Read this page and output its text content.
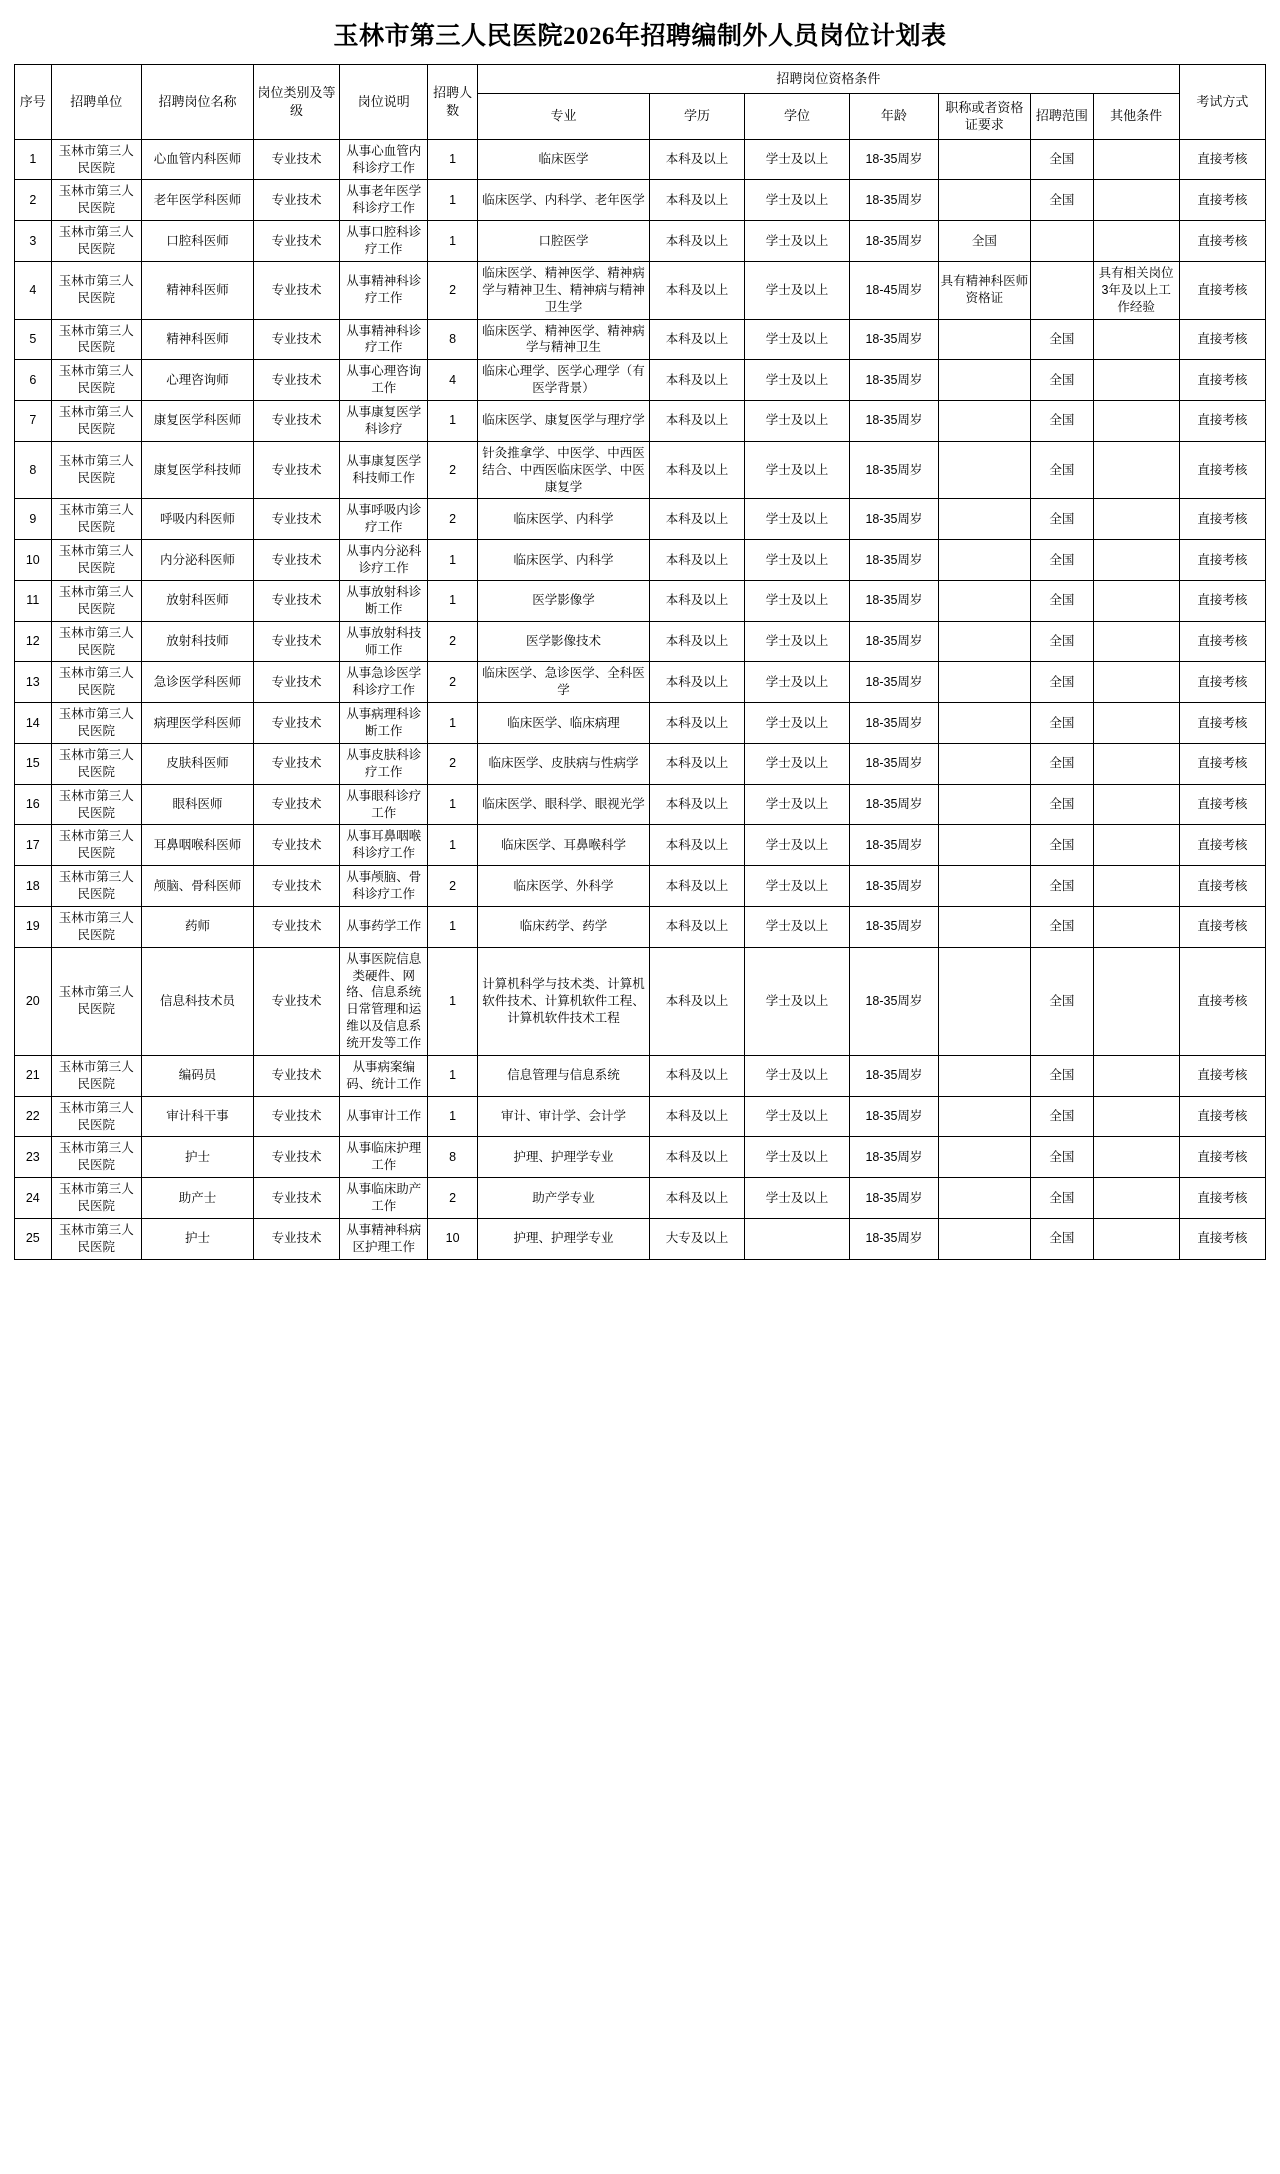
玉林市第三人民医院2026年招聘编制外人员岗位计划表
序号	招聘单位	招聘岗位名称	岗位类别及等级	岗位说明	招聘人数	招聘岗位资格条件							考试方式
						专业	学历	学位	年龄	职称或者资格证要求	招聘范围	其他条件	
1	玉林市第三人民医院	心血管内科医师	专业技术	从事心血管内科诊疗工作	1	临床医学	本科及以上	学士及以上	18-35周岁		全国		直接考核
2	玉林市第三人民医院	老年医学科医师	专业技术	从事老年医学科诊疗工作	1	临床医学、内科学、老年医学	本科及以上	学士及以上	18-35周岁		全国		直接考核
3	玉林市第三人民医院	口腔科医师	专业技术	从事口腔科诊疗工作	1	口腔医学	本科及以上	学士及以上	18-35周岁	全国			直接考核
4	玉林市第三人民医院	精神科医师	专业技术	从事精神科诊疗工作	2	临床医学、精神医学、精神病学与精神卫生、精神病与精神卫生学	本科及以上	学士及以上	18-45周岁	具有精神科医师资格证		具有相关岗位3年及以上工作经验	直接考核
5	玉林市第三人民医院	精神科医师	专业技术	从事精神科诊疗工作	8	临床医学、精神医学、精神病学与精神卫生	本科及以上	学士及以上	18-35周岁		全国		直接考核
6	玉林市第三人民医院	心理咨询师	专业技术	从事心理咨询工作	4	临床心理学、医学心理学（有医学背景）	本科及以上	学士及以上	18-35周岁		全国		直接考核
7	玉林市第三人民医院	康复医学科医师	专业技术	从事康复医学科诊疗	1	临床医学、康复医学与理疗学	本科及以上	学士及以上	18-35周岁		全国		直接考核
8	玉林市第三人民医院	康复医学科技师	专业技术	从事康复医学科技师工作	2	针灸推拿学、中医学、中西医结合、中西医临床医学、中医康复学	本科及以上	学士及以上	18-35周岁		全国		直接考核
9	玉林市第三人民医院	呼吸内科医师	专业技术	从事呼吸内诊疗工作	2	临床医学、内科学	本科及以上	学士及以上	18-35周岁		全国		直接考核
10	玉林市第三人民医院	内分泌科医师	专业技术	从事内分泌科诊疗工作	1	临床医学、内科学	本科及以上	学士及以上	18-35周岁		全国		直接考核
11	玉林市第三人民医院	放射科医师	专业技术	从事放射科诊断工作	1	医学影像学	本科及以上	学士及以上	18-35周岁		全国		直接考核
12	玉林市第三人民医院	放射科技师	专业技术	从事放射科技师工作	2	医学影像技术	本科及以上	学士及以上	18-35周岁		全国		直接考核
13	玉林市第三人民医院	急诊医学科医师	专业技术	从事急诊医学科诊疗工作	2	临床医学、急诊医学、全科医学	本科及以上	学士及以上	18-35周岁		全国		直接考核
14	玉林市第三人民医院	病理医学科医师	专业技术	从事病理科诊断工作	1	临床医学、临床病理	本科及以上	学士及以上	18-35周岁		全国		直接考核
15	玉林市第三人民医院	皮肤科医师	专业技术	从事皮肤科诊疗工作	2	临床医学、皮肤病与性病学	本科及以上	学士及以上	18-35周岁		全国		直接考核
16	玉林市第三人民医院	眼科医师	专业技术	从事眼科诊疗工作	1	临床医学、眼科学、眼视光学	本科及以上	学士及以上	18-35周岁		全国		直接考核
17	玉林市第三人民医院	耳鼻咽喉科医师	专业技术	从事耳鼻咽喉科诊疗工作	1	临床医学、耳鼻喉科学	本科及以上	学士及以上	18-35周岁		全国		直接考核
18	玉林市第三人民医院	颅脑、骨科医师	专业技术	从事颅脑、骨科诊疗工作	2	临床医学、外科学	本科及以上	学士及以上	18-35周岁		全国		直接考核
19	玉林市第三人民医院	药师	专业技术	从事药学工作	1	临床药学、药学	本科及以上	学士及以上	18-35周岁		全国		直接考核
20	玉林市第三人民医院	信息科技术员	专业技术	从事医院信息类硬件、网络、信息系统日常管理和运维以及信息系统开发等工作	1	计算机科学与技术类、计算机软件技术、计算机软件工程、计算机软件技术工程	本科及以上	学士及以上	18-35周岁		全国		直接考核
21	玉林市第三人民医院	编码员	专业技术	从事病案编码、统计工作	1	信息管理与信息系统	本科及以上	学士及以上	18-35周岁		全国		直接考核
22	玉林市第三人民医院	审计科干事	专业技术	从事审计工作	1	审计、审计学、会计学	本科及以上	学士及以上	18-35周岁		全国		直接考核
23	玉林市第三人民医院	护士	专业技术	从事临床护理工作	8	护理、护理学专业	本科及以上	学士及以上	18-35周岁		全国		直接考核
24	玉林市第三人民医院	助产士	专业技术	从事临床助产工作	2	助产学专业	本科及以上	学士及以上	18-35周岁		全国		直接考核
25	玉林市第三人民医院	护士	专业技术	从事精神科病区护理工作	10	护理、护理学专业	大专及以上		18-35周岁		全国		直接考核
